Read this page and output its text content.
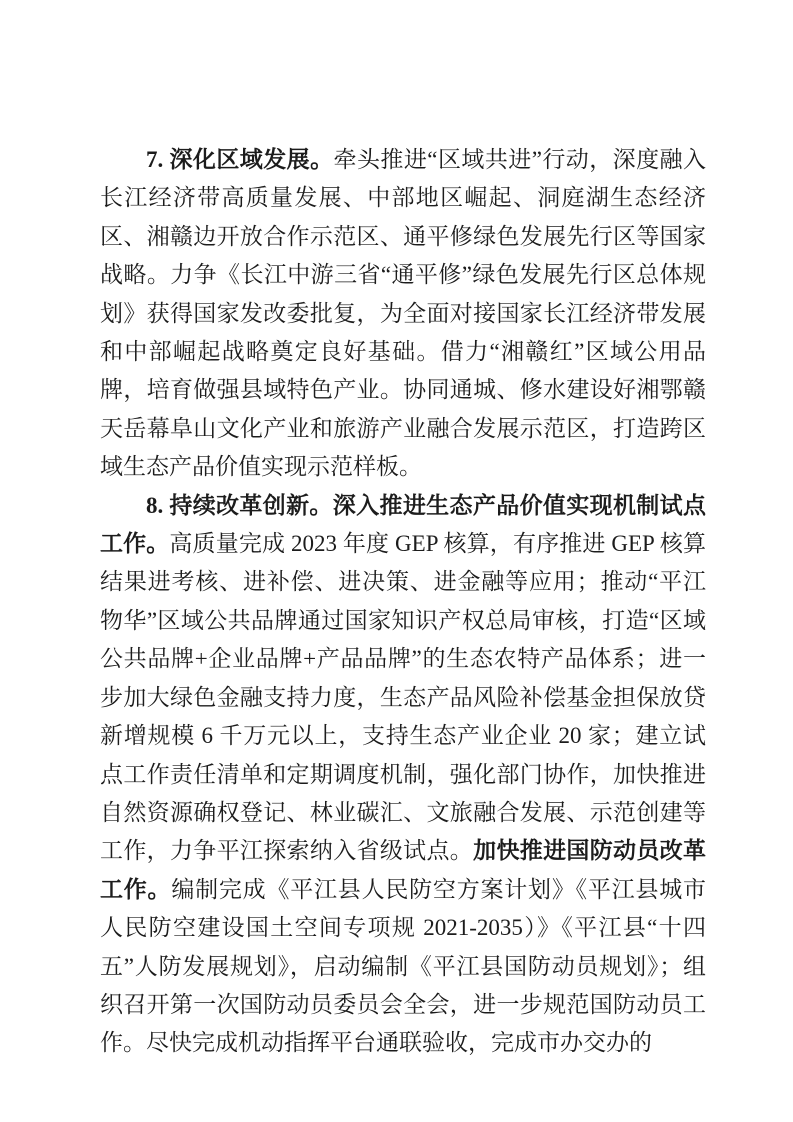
7. 深化区域发展。牵头推进“区域共进”行动，深度融入长江经济带高质量发展、中部地区崛起、洞庭湖生态经济区、湘赣边开放合作示范区、通平修绿色发展先行区等国家战略。力争《长江中游三省“通平修”绿色发展先行区总体规划》获得国家发改委批复，为全面对接国家长江经济带发展和中部崛起战略奠定良好基础。借力“湘赣红”区域公用品牌，培育做强县域特色产业。协同通城、修水建设好湘鄂赣天岳幕阜山文化产业和旅游产业融合发展示范区，打造跨区域生态产品价值实现示范样板。

8. 持续改革创新。深入推进生态产品价值实现机制试点工作。高质量完成 2023 年度 GEP 核算，有序推进 GEP 核算结果进考核、进补偿、进决策、进金融等应用；推动“平江物华”区域公共品牌通过国家知识产权总局审核，打造“区域公共品牌+企业品牌+产品品牌”的生态农特产品体系；进一步加大绿色金融支持力度，生态产品风险补偿基金担保放贷新增规模 6 千万元以上，支持生态产业企业 20 家；建立试点工作责任清单和定期调度机制，强化部门协作，加快推进自然资源确权登记、林业碳汇、文旅融合发展、示范创建等工作，力争平江探索纳入省级试点。加快推进国防动员改革工作。编制完成《平江县人民防空方案计划》《平江县城市人民防空建设国土空间专项规 2021-2035）》《平江县“十四五”人防发展规划》，启动编制《平江县国防动员规划》；组织召开第一次国防动员委员会全会，进一步规范国防动员工作。尽快完成机动指挥平台通联验收，完成市办交办的
